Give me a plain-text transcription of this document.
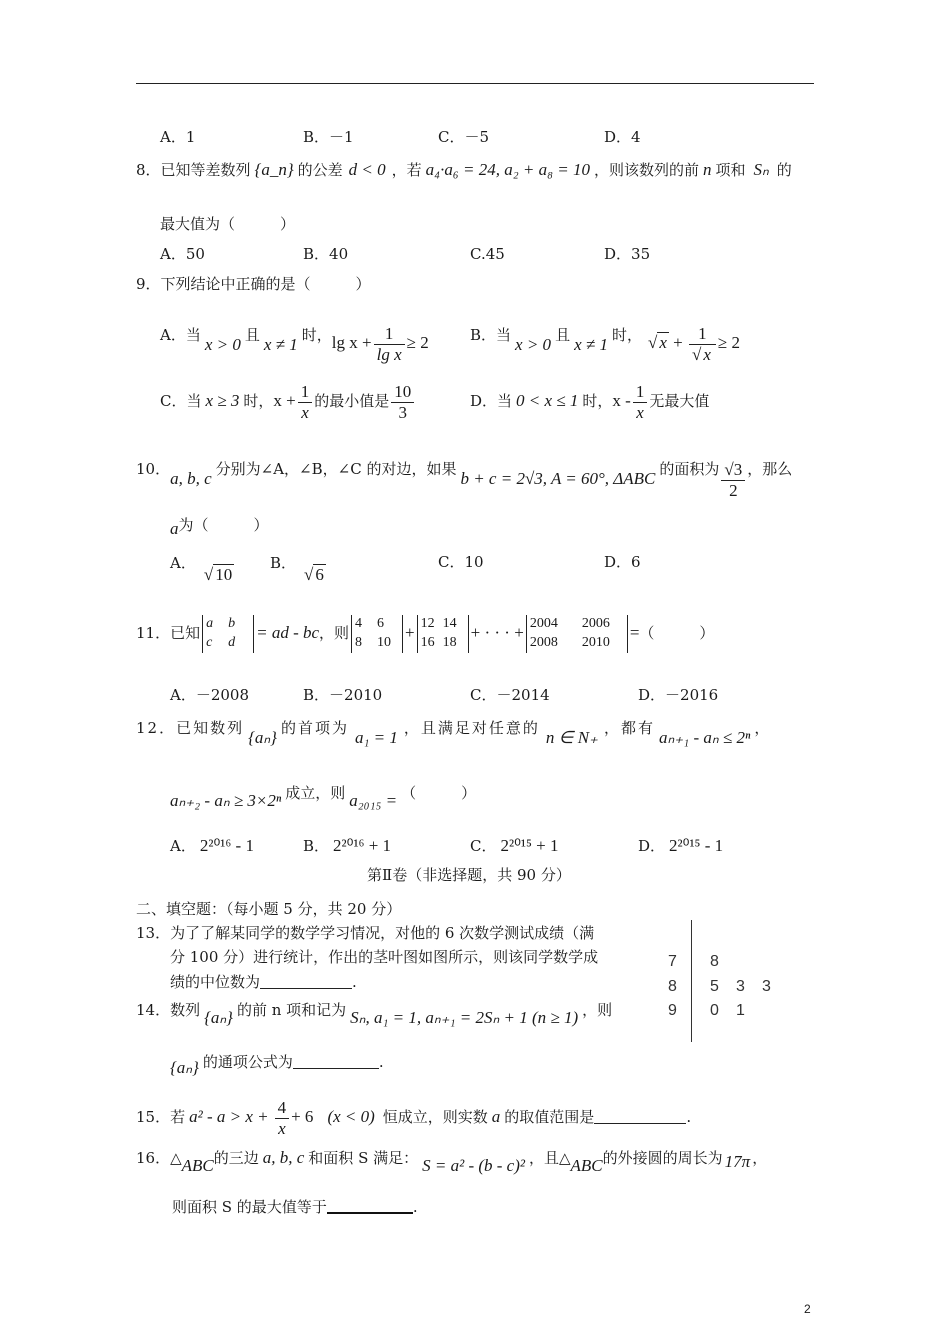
A．1	B．－1	C．－5	D．4
8．已知等差数列 {a_n} 的公差 d < 0 ，若 a₄·a₆ = 24, a₂ + a₈ = 10 ，则该数列的前 n 项和 Sₙ 的
最大值为（　　　）
A．50	B．40	C.45	D．35
9．下列结论中正确的是（　　　）
A．当 x > 0 且 x ≠ 1 时，$\lg x + \frac{1}{\text{lg x}} \ge 2$	B．当 x > 0 且 x ≠ 1 时， √ $x + \frac{1}{√ x} \ge 2$
C．当 x ≥ 3 时，$x + \frac{1}{x}$ 的最小值是 $\frac{10}{3}$	D．当 0 < x ≤ 1 时，x - $\frac{1}{x}$ 无最大值
10．a, b, c 分别为∠A，∠B，∠C 的对边，如果 b + c = 2√3, A = 60°, ΔABC 的面积为 $\frac{√3}{2}$ ，那么
a为（　　　）
A．√ 10
B．√ 6
C．10	D．6
11．已知a b
c d= ad - bc，则4 6
8 10+ 12 14
16 18+ · · · + 2004 2006
2008 2010=（　　　）
A．－2008	B．－2010	C．－2014	D．－2016
12．已知数列 {aₙ} 的首项为 a₁ = 1 ，且满足对任意的 n ∈ N₊ ，都有 aₙ₊₁ - aₙ ≤ 2ⁿ ，
aₙ₊₂ - aₙ ≥ 3×2ⁿ 成立，则 a₂₀₁₅ = （　　　）
A． 2²⁰¹⁶ - 1	B． 2²⁰¹⁶ + 1	C． 2²⁰¹⁵ + 1	D． 2²⁰¹⁵ - 1
第Ⅱ卷（非选择题，共 90 分）
二、填空题：（每小题 5 分，共 20 分）
13．为了了解某同学的数学学习情况，对他的 6 次数学测试成绩（满
分 100 分）进行统计，作出的茎叶图如图所示，则该同学数学成
绩的中位数为	.
7 8
8 5 3 3
9 0 1
14．数列 {aₙ} 的前 n 项和记为 Sₙ, a₁ = 1, aₙ₊₁ = 2Sₙ + 1 (n ≥ 1) ，则
{aₙ} 的通项公式为	.
15．若 $a^2 - a > x + \frac{4}{x} + 6$ (x < 0) 恒成立，则实数 a 的取值范围是	.
16．△ABC的三边 a, b, c 和面积 S 满足： S = a² - (b - c)² ，且△ABC的外接圆的周长为 17π ，
则面积 S 的最大值等于	.
2
